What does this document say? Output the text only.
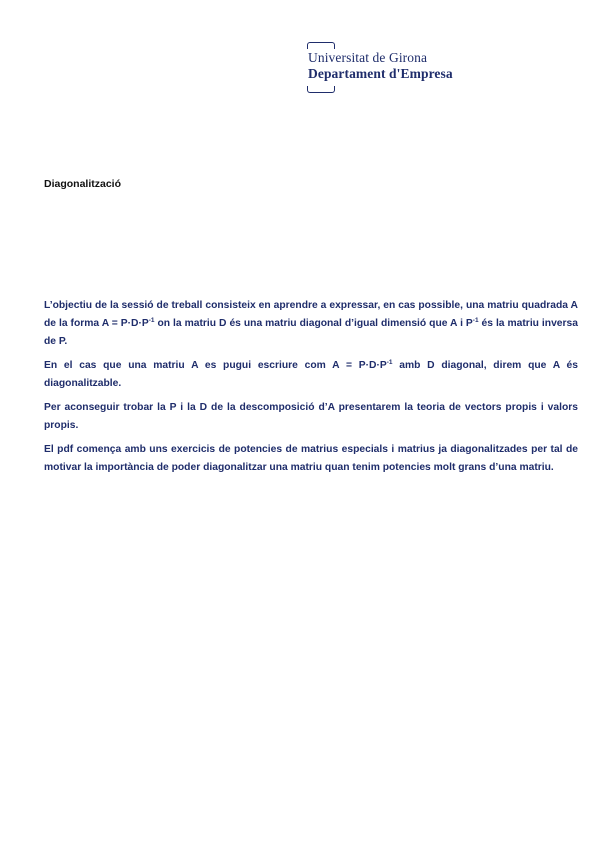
Universitat de Girona
Departament d'Empresa
Diagonalització

L’objectiu de la sessió de treball consisteix en aprendre a expressar, en cas possible, una matriu quadrada A de la forma $A = P\cdot D\cdot P^{-1}$ on la matriu D és una matriu diagonal d’igual dimensió que A i $P^{-1}$ és la matriu inversa de P.

En el cas que una matriu A es pugui escriure com $A = P\cdot D\cdot P^{-1}$ amb D diagonal, direm que A és diagonalitzable.

Per aconseguir trobar la P i la D de la descomposició d’A presentarem la teoria de vectors propis i valors propis.

El pdf comença amb uns exercicis de potencies de matrius especials i matrius ja diagonalitzades per tal de motivar la importància de poder diagonalitzar una matriu quan tenim potencies molt grans d’una matriu.
